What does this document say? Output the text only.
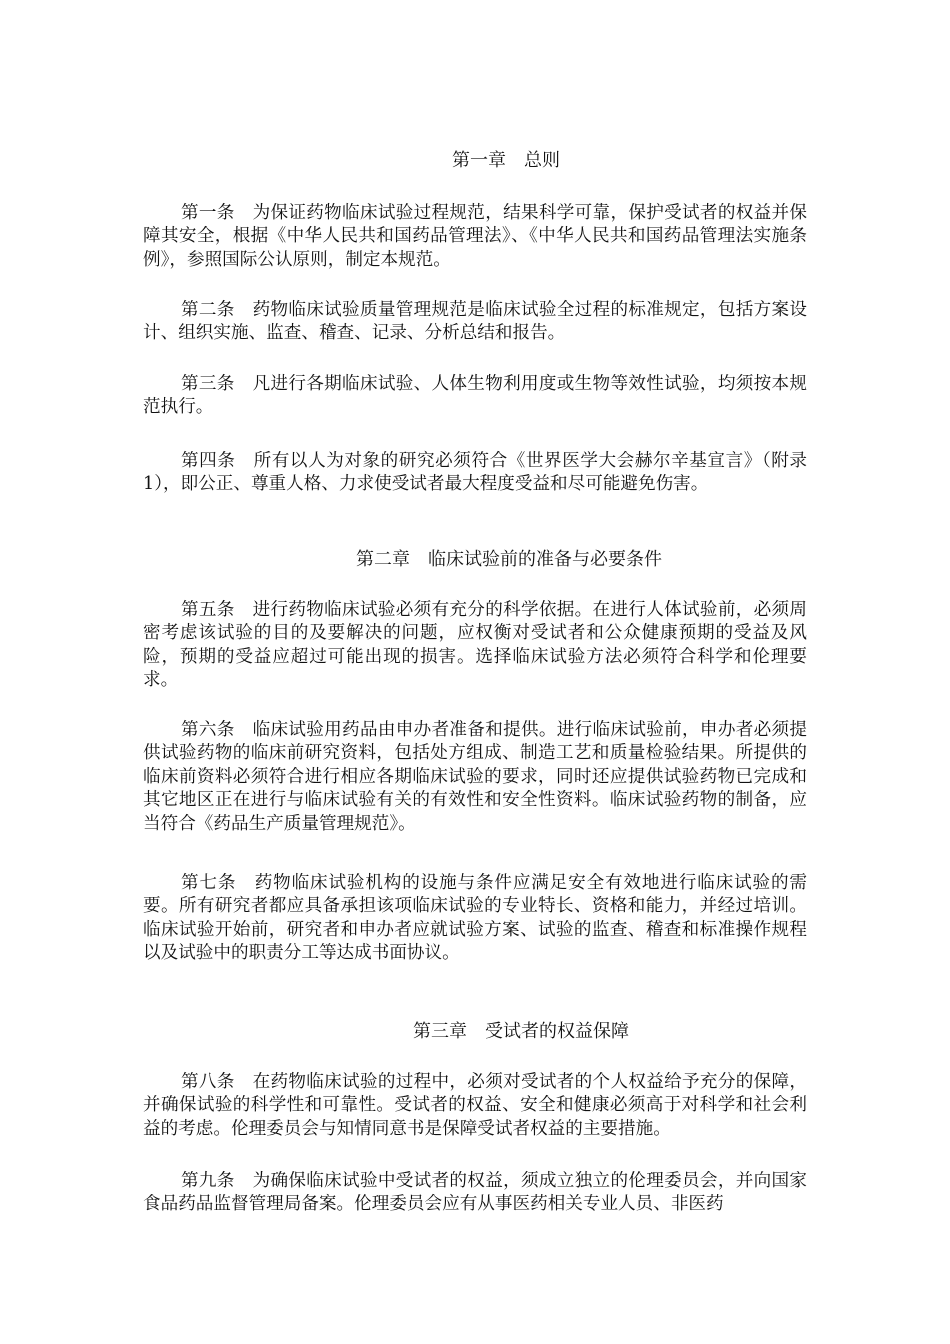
第一章　总则

第一条　为保证药物临床试验过程规范，结果科学可靠，保护受试者的权益并保障其安全，根据《中华人民共和国药品管理法》、《中华人民共和国药品管理法实施条例》，参照国际公认原则，制定本规范。

第二条　药物临床试验质量管理规范是临床试验全过程的标准规定，包括方案设计、组织实施、监查、稽查、记录、分析总结和报告。

第三条　凡进行各期临床试验、人体生物利用度或生物等效性试验，均须按本规范执行。

第四条　所有以人为对象的研究必须符合《世界医学大会赫尔辛基宣言》（附录1），即公正、尊重人格、力求使受试者最大程度受益和尽可能避免伤害。

第二章　临床试验前的准备与必要条件

第五条　进行药物临床试验必须有充分的科学依据。在进行人体试验前，必须周密考虑该试验的目的及要解决的问题，应权衡对受试者和公众健康预期的受益及风险，预期的受益应超过可能出现的损害。选择临床试验方法必须符合科学和伦理要求。

第六条　临床试验用药品由申办者准备和提供。进行临床试验前，申办者必须提供试验药物的临床前研究资料，包括处方组成、制造工艺和质量检验结果。所提供的临床前资料必须符合进行相应各期临床试验的要求，同时还应提供试验药物已完成和其它地区正在进行与临床试验有关的有效性和安全性资料。临床试验药物的制备，应当符合《药品生产质量管理规范》。

第七条　药物临床试验机构的设施与条件应满足安全有效地进行临床试验的需要。所有研究者都应具备承担该项临床试验的专业特长、资格和能力，并经过培训。临床试验开始前，研究者和申办者应就试验方案、试验的监查、稽查和标准操作规程以及试验中的职责分工等达成书面协议。

第三章　受试者的权益保障

第八条　在药物临床试验的过程中，必须对受试者的个人权益给予充分的保障，并确保试验的科学性和可靠性。受试者的权益、安全和健康必须高于对科学和社会利益的考虑。伦理委员会与知情同意书是保障受试者权益的主要措施。

第九条　为确保临床试验中受试者的权益，须成立独立的伦理委员会，并向国家食品药品监督管理局备案。伦理委员会应有从事医药相关专业人员、非医药
